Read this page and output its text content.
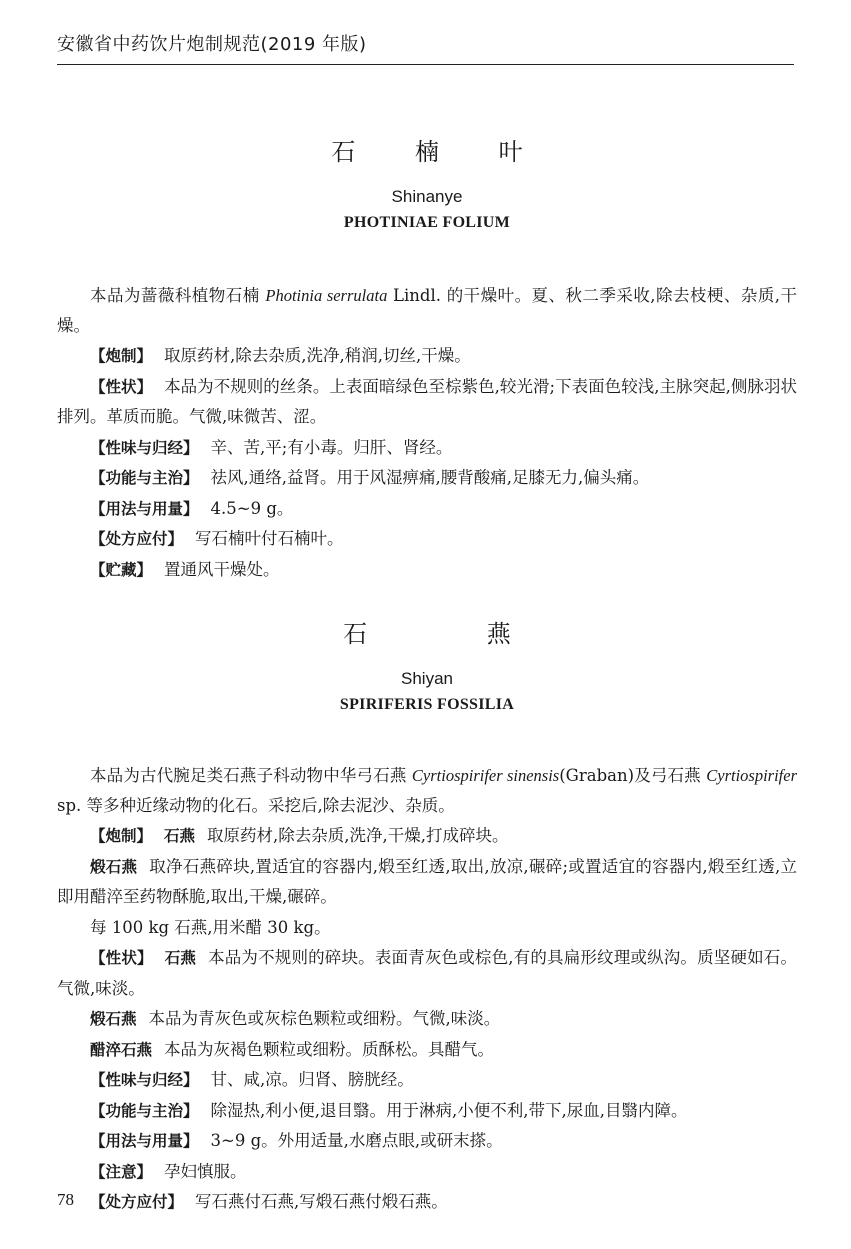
安徽省中药饮片炮制规范(2019 年版)
石 楠 叶
Shinanye
PHOTINIAE FOLIUM

本品为蔷薇科植物石楠 Photinia serrulata Lindl. 的干燥叶。夏、秋二季采收,除去枝梗、杂质,干燥。

【炮制】 取原药材,除去杂质,洗净,稍润,切丝,干燥。

【性状】 本品为不规则的丝条。上表面暗绿色至棕紫色,较光滑;下表面色较浅,主脉突起,侧脉羽状排列。革质而脆。气微,味微苦、涩。

【性味与归经】 辛、苦,平;有小毒。归肝、肾经。

【功能与主治】 祛风,通络,益肾。用于风湿痹痛,腰背酸痛,足膝无力,偏头痛。

【用法与用量】 4.5~9 g。

【处方应付】 写石楠叶付石楠叶。

【贮藏】 置通风干燥处。

石 燕
Shiyan
SPIRIFERIS FOSSILIA

本品为古代腕足类石燕子科动物中华弓石燕 Cyrtiospirifer sinensis(Graban)及弓石燕 Cyrtiospirifer sp. 等多种近缘动物的化石。采挖后,除去泥沙、杂质。

【炮制】 石燕 取原药材,除去杂质,洗净,干燥,打成碎块。

煅石燕 取净石燕碎块,置适宜的容器内,煅至红透,取出,放凉,碾碎;或置适宜的容器内,煅至红透,立即用醋淬至药物酥脆,取出,干燥,碾碎。

每 100 kg 石燕,用米醋 30 kg。

【性状】 石燕 本品为不规则的碎块。表面青灰色或棕色,有的具扁形纹理或纵沟。质坚硬如石。气微,味淡。

煅石燕 本品为青灰色或灰棕色颗粒或细粉。气微,味淡。

醋淬石燕 本品为灰褐色颗粒或细粉。质酥松。具醋气。

【性味与归经】 甘、咸,凉。归肾、膀胱经。

【功能与主治】 除湿热,利小便,退目翳。用于淋病,小便不利,带下,尿血,目翳内障。

【用法与用量】 3~9 g。外用适量,水磨点眼,或研末搽。

【注意】 孕妇慎服。

【处方应付】 写石燕付石燕,写煅石燕付煅石燕。

78
